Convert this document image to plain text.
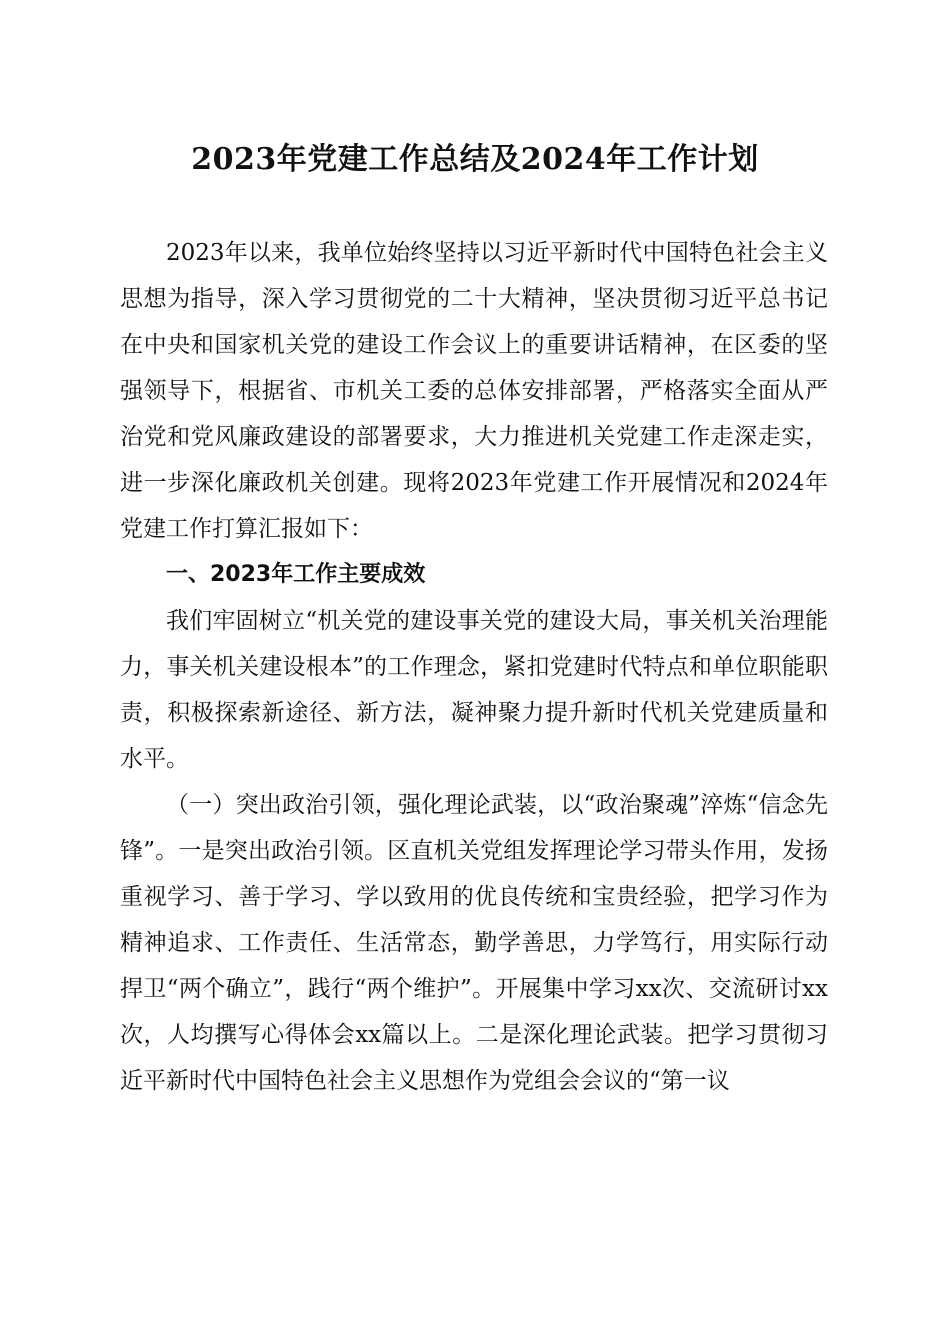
2023年党建工作总结及2024年工作计划

2023年以来，我单位始终坚持以习近平新时代中国特色社会主义思想为指导，深入学习贯彻党的二十大精神，坚决贯彻习近平总书记在中央和国家机关党的建设工作会议上的重要讲话精神，在区委的坚强领导下，根据省、市机关工委的总体安排部署，严格落实全面从严治党和党风廉政建设的部署要求，大力推进机关党建工作走深走实，进一步深化廉政机关创建。现将2023年党建工作开展情况和2024年党建工作打算汇报如下：

一、2023年工作主要成效

我们牢固树立“机关党的建设事关党的建设大局，事关机关治理能力，事关机关建设根本”的工作理念，紧扣党建时代特点和单位职能职责，积极探索新途径、新方法，凝神聚力提升新时代机关党建质量和水平。

（一）突出政治引领，强化理论武装，以“政治聚魂”淬炼“信念先锋”。一是突出政治引领。区直机关党组发挥理论学习带头作用，发扬重视学习、善于学习、学以致用的优良传统和宝贵经验，把学习作为精神追求、工作责任、生活常态，勤学善思，力学笃行，用实际行动捍卫“两个确立”，践行“两个维护”。开展集中学习xx次、交流研讨xx次，人均撰写心得体会xx篇以上。二是深化理论武装。把学习贯彻习近平新时代中国特色社会主义思想作为党组会会议的“第一议
